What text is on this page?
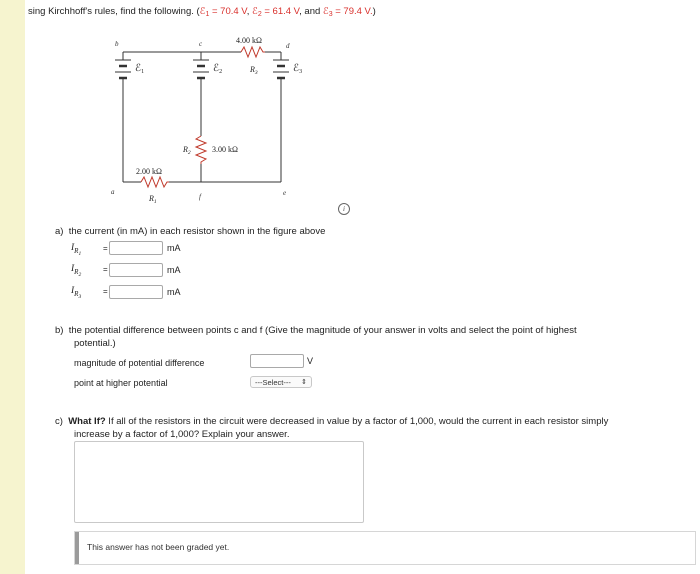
sing Kirchhoff's rules, find the following. (ℰ$_1$ = 70.4 V, ℰ$_2$ = 61.4 V, and ℰ$_3$ = 79.4 V.)
b	c	d
a
f	e
ℰ$_1$	ℰ$_2$	ℰ$_3$
4.00 kΩ
$R_3$
$R_2$	3.00 kΩ
2.00 kΩ
$R_1$
i
a) the current (in mA) in each resistor shown in the figure above
$I_{R1}$
=	mA
$I_{R2}$
=	mA
$I_{R3}$
=	mA
b) the potential difference between points c and f (Give the magnitude of your answer in volts and select the point of highest
potential.)
magnitude of potential difference	V
point at higher potential	---Select--- ⇕
c) What If? If all of the resistors in the circuit were decreased in value by a factor of 1,000, would the current in each resistor simply
increase by a factor of 1,000? Explain your answer.
This answer has not been graded yet.
